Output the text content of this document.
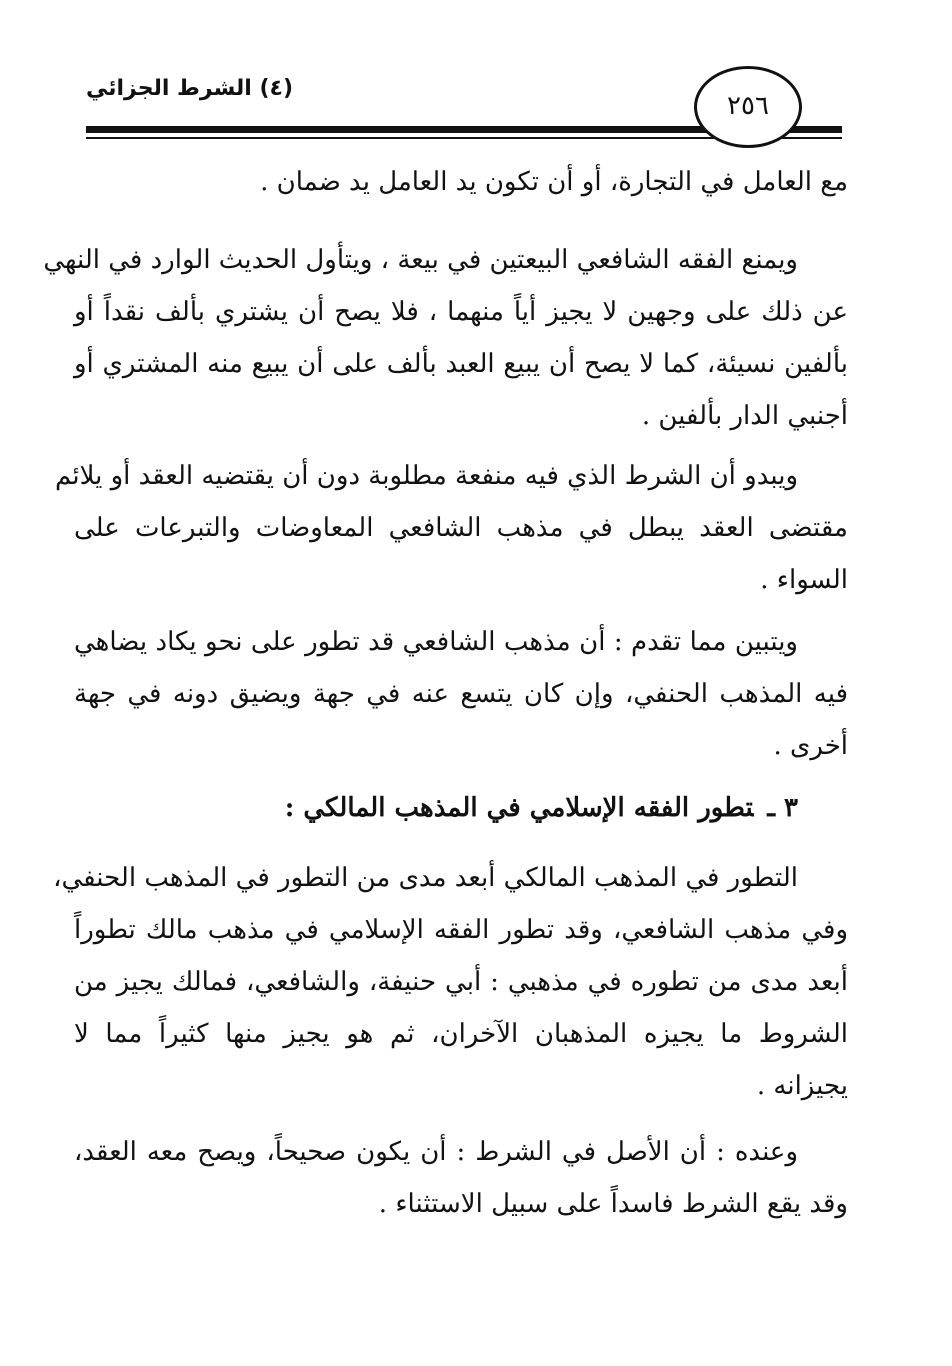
(٤) الشرط الجزائي
٢٥٦
مع العامل في التجارة، أو أن تكون يد العامل يد ضمان .
ويمنع الفقه الشافعي البيعتين في بيعة ، ويتأول الحديث الوارد في النهي
عن ذلك على وجهين لا يجيز أياً منهما ، فلا يصح أن يشتري بألف نقداً أو
بألفين نسيئة، كما لا يصح أن يبيع العبد بألف على أن يبيع منه المشتري أو
أجنبي الدار بألفين .
ويبدو أن الشرط الذي فيه منفعة مطلوبة دون أن يقتضيه العقد أو يلائم
مقتضى العقد يبطل في مذهب الشافعي المعاوضات والتبرعات على
السواء .
ويتبين مما تقدم : أن مذهب الشافعي قد تطور على نحو يكاد يضاهي
فيه المذهب الحنفي، وإن كان يتسع عنه في جهة ويضيق دونه في جهة
أخرى .
٣ ـتطور الفقه الإسلامي في المذهب المالكي :
التطور في المذهب المالكي أبعد مدى من التطور في المذهب الحنفي،
وفي مذهب الشافعي، وقد تطور الفقه الإسلامي في مذهب مالك تطوراً
أبعد مدى من تطوره في مذهبي : أبي حنيفة، والشافعي، فمالك يجيز من
الشروط ما يجيزه المذهبان الآخران، ثم هو يجيز منها كثيراً مما لا
يجيزانه .
وعنده : أن الأصل في الشرط : أن يكون صحيحاً، ويصح معه العقد،
وقد يقع الشرط فاسداً على سبيل الاستثناء .
